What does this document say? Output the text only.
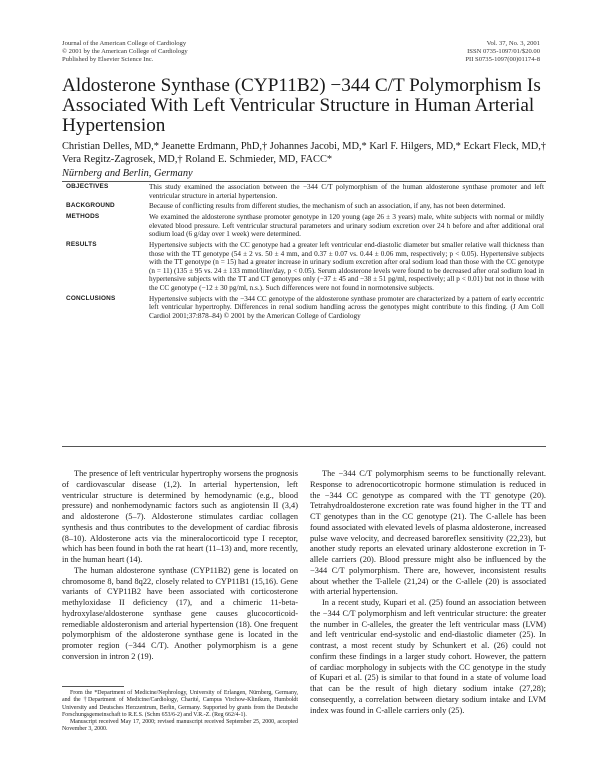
Journal of the American College of Cardiology
© 2001 by the American College of Cardiology
Published by Elsevier Science Inc.
Vol. 37, No. 3, 2001
ISSN 0735-1097/01/$20.00
PII S0735-1097(00)01174-8
Aldosterone Synthase (CYP11B2) −344 C/T Polymorphism Is Associated With Left Ventricular Structure in Human Arterial Hypertension

Christian Delles, MD,* Jeanette Erdmann, PhD,† Johannes Jacobi, MD,* Karl F. Hilgers, MD,* Eckart Fleck, MD,† Vera Regitz-Zagrosek, MD,† Roland E. Schmieder, MD, FACC*

Nürnberg and Berlin, Germany
OBJECTIVES	This study examined the association between the −344 C/T polymorphism of the human aldosterone synthase promoter and left ventricular structure in arterial hypertension.
BACKGROUND	Because of conflicting results from different studies, the mechanism of such an association, if any, has not been determined.
METHODS	We examined the aldosterone synthase promoter genotype in 120 young (age 26 ± 3 years) male, white subjects with normal or mildly elevated blood pressure. Left ventricular structural parameters and urinary sodium excretion over 24 h before and after additional oral sodium load (6 g/day over 1 week) were determined.
RESULTS	Hypertensive subjects with the CC genotype had a greater left ventricular end-diastolic diameter but smaller relative wall thickness than those with the TT genotype (54 ± 2 vs. 50 ± 4 mm, and 0.37 ± 0.07 vs. 0.44 ± 0.06 mm, respectively; p < 0.05). Hypertensive subjects with the TT genotype (n = 15) had a greater increase in urinary sodium excretion after oral sodium load than those with the CC genotype (n = 11) (135 ± 95 vs. 24 ± 133 mmol/liter/day, p < 0.05). Serum aldosterone levels were found to be decreased after oral sodium load in hypertensive subjects with the TT and CT genotypes only (−37 ± 45 and −38 ± 51 pg/ml, respectively; all p < 0.01) but not in those with the CC genotype (−12 ± 30 pg/ml, n.s.). Such differences were not found in normotensive subjects.
CONCLUSIONS	Hypertensive subjects with the −344 CC genotype of the aldosterone synthase promoter are characterized by a pattern of early eccentric left ventricular hypertrophy. Differences in renal sodium handling across the genotypes might contribute to this finding. (J Am Coll Cardiol 2001;37:878–84) © 2001 by the American College of Cardiology

The presence of left ventricular hypertrophy worsens the prognosis of cardiovascular disease (1,2). In arterial hypertension, left ventricular structure is determined by hemodynamic (e.g., blood pressure) and nonhemodynamic factors such as angiotensin II (3,4) and aldosterone (5–7). Aldosterone stimulates cardiac collagen synthesis and thus contributes to the development of cardiac fibrosis (8–10). Aldosterone acts via the mineralocorticoid type I receptor, which has been found in both the rat heart (11–13) and, more recently, in the human heart (14).

The human aldosterone synthase (CYP11B2) gene is located on chromosome 8, band 8q22, closely related to CYP11B1 (15,16). Gene variants of CYP11B2 have been associated with corticosterone methyloxidase II deficiency (17), and a chimeric 11-beta-hydroxylase/aldosterone synthase gene causes glucocorticoid-remediable aldosteronism and arterial hypertension (18). One frequent polymorphism of the aldosterone synthase gene is located in the promoter region (−344 C/T). Another polymorphism is a gene conversion in intron 2 (19).

The −344 C/T polymorphism seems to be functionally relevant. Response to adrenocorticotropic hormone stimulation is reduced in the −344 CC genotype as compared with the TT genotype (20). Tetrahydroaldosterone excretion rate was found higher in the TT and CT genotypes than in the CC genotype (21). The C-allele has been found associated with elevated levels of plasma aldosterone, increased pulse wave velocity, and decreased baroreflex sensitivity (22,23), but another study reports an elevated urinary aldosterone excretion in T-allele carriers (20). Blood pressure might also be influenced by the −344 C/T polymorphism. There are, however, inconsistent results about whether the T-allele (21,24) or the C-allele (20) is associated with arterial hypertension.

In a recent study, Kupari et al. (25) found an association between the −344 C/T polymorphism and left ventricular structure: the greater the number in C-alleles, the greater the left ventricular mass (LVM) and left ventricular end-systolic and end-diastolic diameter (25). In contrast, a most recent study by Schunkert et al. (26) could not confirm these findings in a larger study cohort. However, the pattern of cardiac morphology in subjects with the CC genotype in the study of Kupari et al. (25) is similar to that found in a state of volume load that can be the result of high dietary sodium intake (27,28); consequently, a correlation between dietary sodium intake and LVM index was found in C-allele carriers only (25).

From the *Department of Medicine/Nephrology, University of Erlangen, Nürnberg, Germany, and the †Department of Medicine/Cardiology, Charité, Campus Virchow-Klinikum, Humboldt University and Deutsches Herzzentrum, Berlin, Germany. Supported by grants from the Deutsche Forschungsgemeinschaft to R.E.S. (Schm 653/6-2) and V.R.-Z. (Reg 662/4-1).

Manuscript received May 17, 2000; revised manuscript received September 25, 2000, accepted November 3, 2000.
